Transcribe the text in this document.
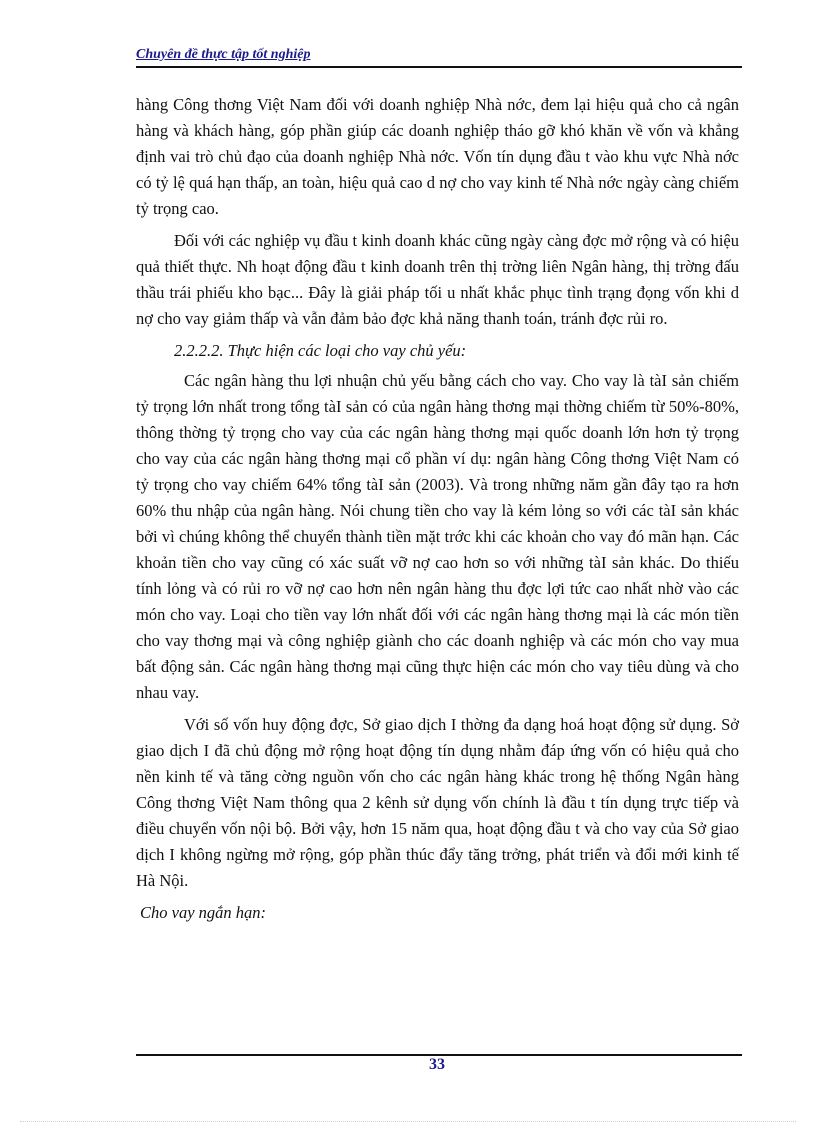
Chuyên đề thực tập tốt nghiệp

hàng Công thơng Việt Nam đối với doanh nghiệp Nhà nớc, đem lại hiệu quả cho cả ngân hàng và khách hàng, góp phần giúp các doanh nghiệp tháo gỡ khó khăn về vốn và khẳng định vai trò chủ đạo của doanh nghiệp Nhà nớc. Vốn tín dụng đầu t vào khu vực Nhà nớc có tỷ lệ quá hạn thấp, an toàn, hiệu quả cao d nợ cho vay kinh tế Nhà nớc ngày càng chiếm tỷ trọng cao.

Đối với các nghiệp vụ đầu t kinh doanh khác cũng ngày càng đợc mở rộng và có hiệu quả thiết thực. Nh hoạt động đầu t kinh doanh trên thị trờng liên Ngân hàng, thị trờng đấu thầu trái phiếu kho bạc... Đây là giải pháp tối u nhất khắc phục tình trạng đọng vốn khi d nợ cho vay giảm thấp và vẫn đảm bảo đợc khả năng thanh toán, tránh đợc rủi ro.

2.2.2.2. Thực hiện các loại cho vay chủ yếu:

Các ngân hàng thu lợi nhuận chủ yếu bằng cách cho vay. Cho vay là tàI sản chiếm tỷ trọng lớn nhất trong tổng tàI sản có của ngân hàng thơng mại thờng chiếm từ 50%-80%, thông thờng tỷ trọng cho vay của các ngân hàng thơng mại quốc doanh lớn hơn tỷ trọng cho vay của các ngân hàng thơng mại cổ phần ví dụ: ngân hàng Công thơng Việt Nam có tỷ trọng cho vay chiếm 64% tổng tàI sản (2003). Và trong những năm gần đây tạo ra hơn 60% thu nhập của ngân hàng. Nói chung tiền cho vay là kém lỏng so với các tàI sản khác bởi vì chúng không thể chuyển thành tiền mặt trớc khi các khoản cho vay đó mãn hạn. Các khoản tiền cho vay cũng có xác suất vỡ nợ cao hơn so với những tàI sản khác. Do thiếu tính lỏng và có rủi ro vỡ nợ cao hơn nên ngân hàng thu đợc lợi tức cao nhất nhờ vào các món cho vay. Loại cho tiền vay lớn nhất đối với các ngân hàng thơng mại là các món tiền cho vay thơng mại và công nghiệp giành cho các doanh nghiệp và các món cho vay mua bất động sản. Các ngân hàng thơng mại cũng thực hiện các món cho vay tiêu dùng và cho nhau vay.

Với số vốn huy động đợc, Sở giao dịch I thờng đa dạng hoá hoạt động sử dụng. Sở giao dịch I đã chủ động mở rộng hoạt động tín dụng nhằm đáp ứng vốn có hiệu quả cho nền kinh tế và tăng cờng nguồn vốn cho các ngân hàng khác trong hệ thống Ngân hàng Công thơng Việt Nam thông qua 2 kênh sử dụng vốn chính là đầu t tín dụng trực tiếp và điều chuyển vốn nội bộ. Bởi vậy, hơn 15 năm qua, hoạt động đầu t và cho vay của Sở giao dịch I không ngừng mở rộng, góp phần thúc đẩy tăng trởng, phát triển và đổi mới kinh tế Hà Nội.

Cho vay ngắn hạn:
33
